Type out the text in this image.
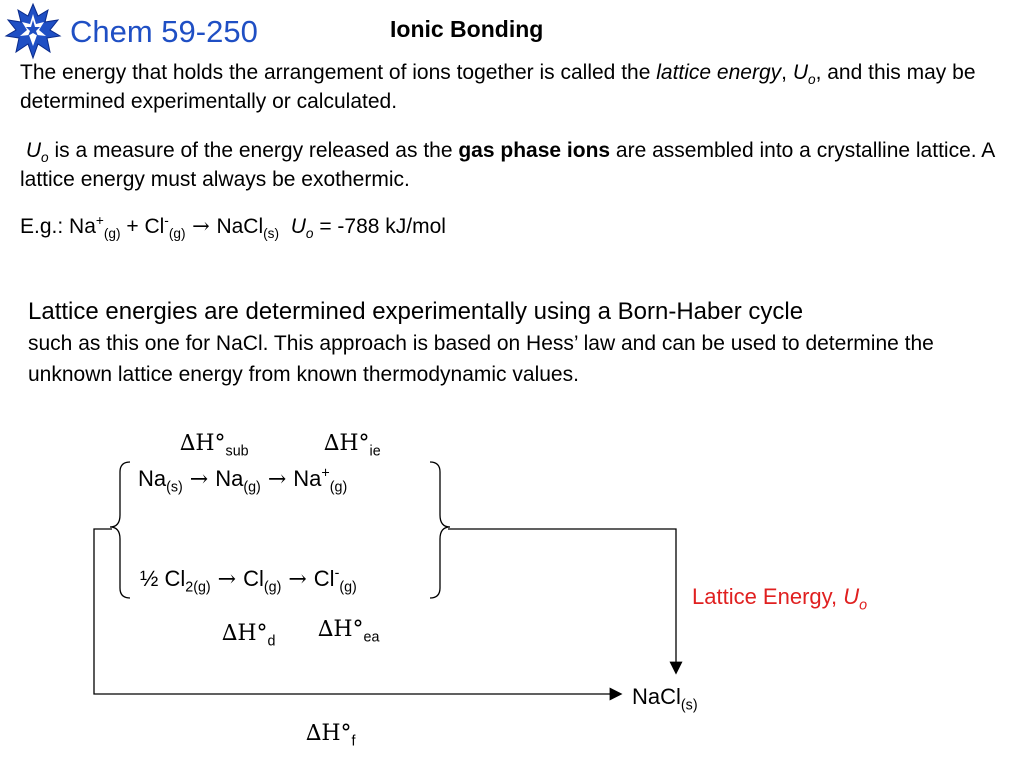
Chem 59-250	Ionic Bonding
The energy that holds the arrangement of ions together is called the lattice energy, $U_o$, and this may be determined experimentally or calculated.
$U_o$ is a measure of the energy released as the gas phase ions are assembled into a crystalline lattice. A lattice energy must always be exothermic.
E.g.: $Na^+_{(g)} + Cl^-_{(g)}$ → NaCl$_{(s)}$ $U_o = -788$ kJ/mol
Lattice energies are determined experimentally using a Born-Haber cycle
such as this one for NaCl. This approach is based on Hess’ law and can be used to determine the unknown lattice energy from known thermodynamic values.
$\Delta H^\circ_{sub}$	$\Delta H^\circ_{ie}$
$Na_{(s)} \to Na_{(g)} \to Na^+_{(g)}$
½ $Cl_{2(g)} \to Cl_{(g)} \to Cl^-_{(g)}$
$\Delta H^\circ_d$ $\Delta H^\circ_{ea}$
Lattice Energy, $U_o$
NaCl$_{(s)}$
$\Delta H^\circ_f$
